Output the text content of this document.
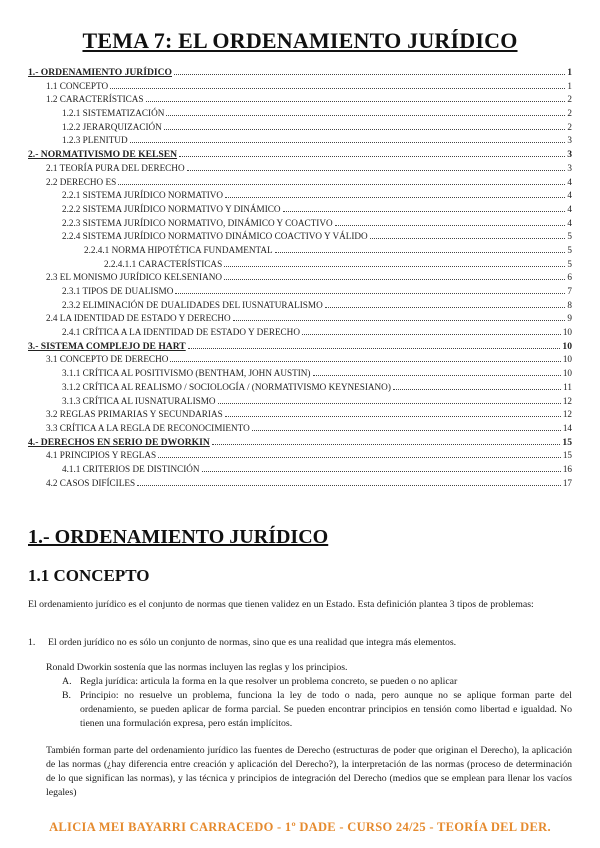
TEMA 7: EL ORDENAMIENTO JURÍDICO
1.- ORDENAMIENTO JURÍDICO	1
1.1 CONCEPTO	1
1.2 CARACTERÍSTICAS	2
1.2.1 SISTEMATIZACIÓN	2
1.2.2 JERARQUIZACIÓN	2
1.2.3 PLENITUD	3
2.- NORMATIVISMO DE KELSEN	3
2.1 TEORÍA PURA DEL DERECHO	3
2.2 DERECHO ES	4
2.2.1 SISTEMA JURÍDICO NORMATIVO	4
2.2.2 SISTEMA JURÍDICO NORMATIVO Y DINÁMICO	4
2.2.3 SISTEMA JURÍDICO NORMATIVO, DINÁMICO Y COACTIVO	4
2.2.4 SISTEMA JURÍDICO NORMATIVO DINÁMICO COACTIVO Y VÁLIDO	5
2.2.4.1 NORMA HIPOTÉTICA FUNDAMENTAL	5
2.2.4.1.1 CARACTERÍSTICAS	5
2.3 EL MONISMO JURÍDICO KELSENIANO	6
2.3.1 TIPOS DE DUALISMO	7
2.3.2 ELIMINACIÓN DE DUALIDADES DEL IUSNATURALISMO	8
2.4 LA IDENTIDAD DE ESTADO Y DERECHO	9
2.4.1 CRÍTICA A LA IDENTIDAD DE ESTADO Y DERECHO	10
3.- SISTEMA COMPLEJO DE HART	10
3.1 CONCEPTO DE DERECHO	10
3.1.1 CRÍTICA AL POSITIVISMO (BENTHAM, JOHN AUSTIN)	10
3.1.2 CRÍTICA AL REALISMO / SOCIOLOGÍA / (NORMATIVISMO KEYNESIANO)	11
3.1.3 CRÍTICA AL IUSNATURALISMO	12
3.2 REGLAS PRIMARIAS Y SECUNDARIAS	12
3.3 CRÍTICA A LA REGLA DE RECONOCIMIENTO	14
4.- DERECHOS EN SERIO DE DWORKIN	15
4.1 PRINCIPIOS Y REGLAS	15
4.1.1 CRITERIOS DE DISTINCIÓN	16
4.2 CASOS DIFÍCILES	17
1.- ORDENAMIENTO JURÍDICO
1.1 CONCEPTO
El ordenamiento jurídico es el conjunto de normas que tienen validez en un Estado. Esta definición plantea 3 tipos de problemas:
1. El orden jurídico no es sólo un conjunto de normas, sino que es una realidad que integra más elementos.
Ronald Dworkin sostenía que las normas incluyen las reglas y los principios.
A. Regla jurídica: articula la forma en la que resolver un problema concreto, se pueden o no aplicar
B. Principio: no resuelve un problema, funciona la ley de todo o nada, pero aunque no se aplique forman parte del ordenamiento, se pueden aplicar de forma parcial. Se pueden encontrar principios en tensión como libertad e igualdad. No tienen una formulación expresa, pero están implícitos.
También forman parte del ordenamiento jurídico las fuentes de Derecho (estructuras de poder que originan el Derecho), la aplicación de las normas (¿hay diferencia entre creación y aplicación del Derecho?), la interpretación de las normas (proceso de determinación de lo que significan las normas), y las técnica y principios de integración del Derecho (medios que se emplean para llenar los vacíos legales)
ALICIA MEI BAYARRI CARRACEDO - 1º DADE - CURSO 24/25 - TEORÍA DEL DER.
